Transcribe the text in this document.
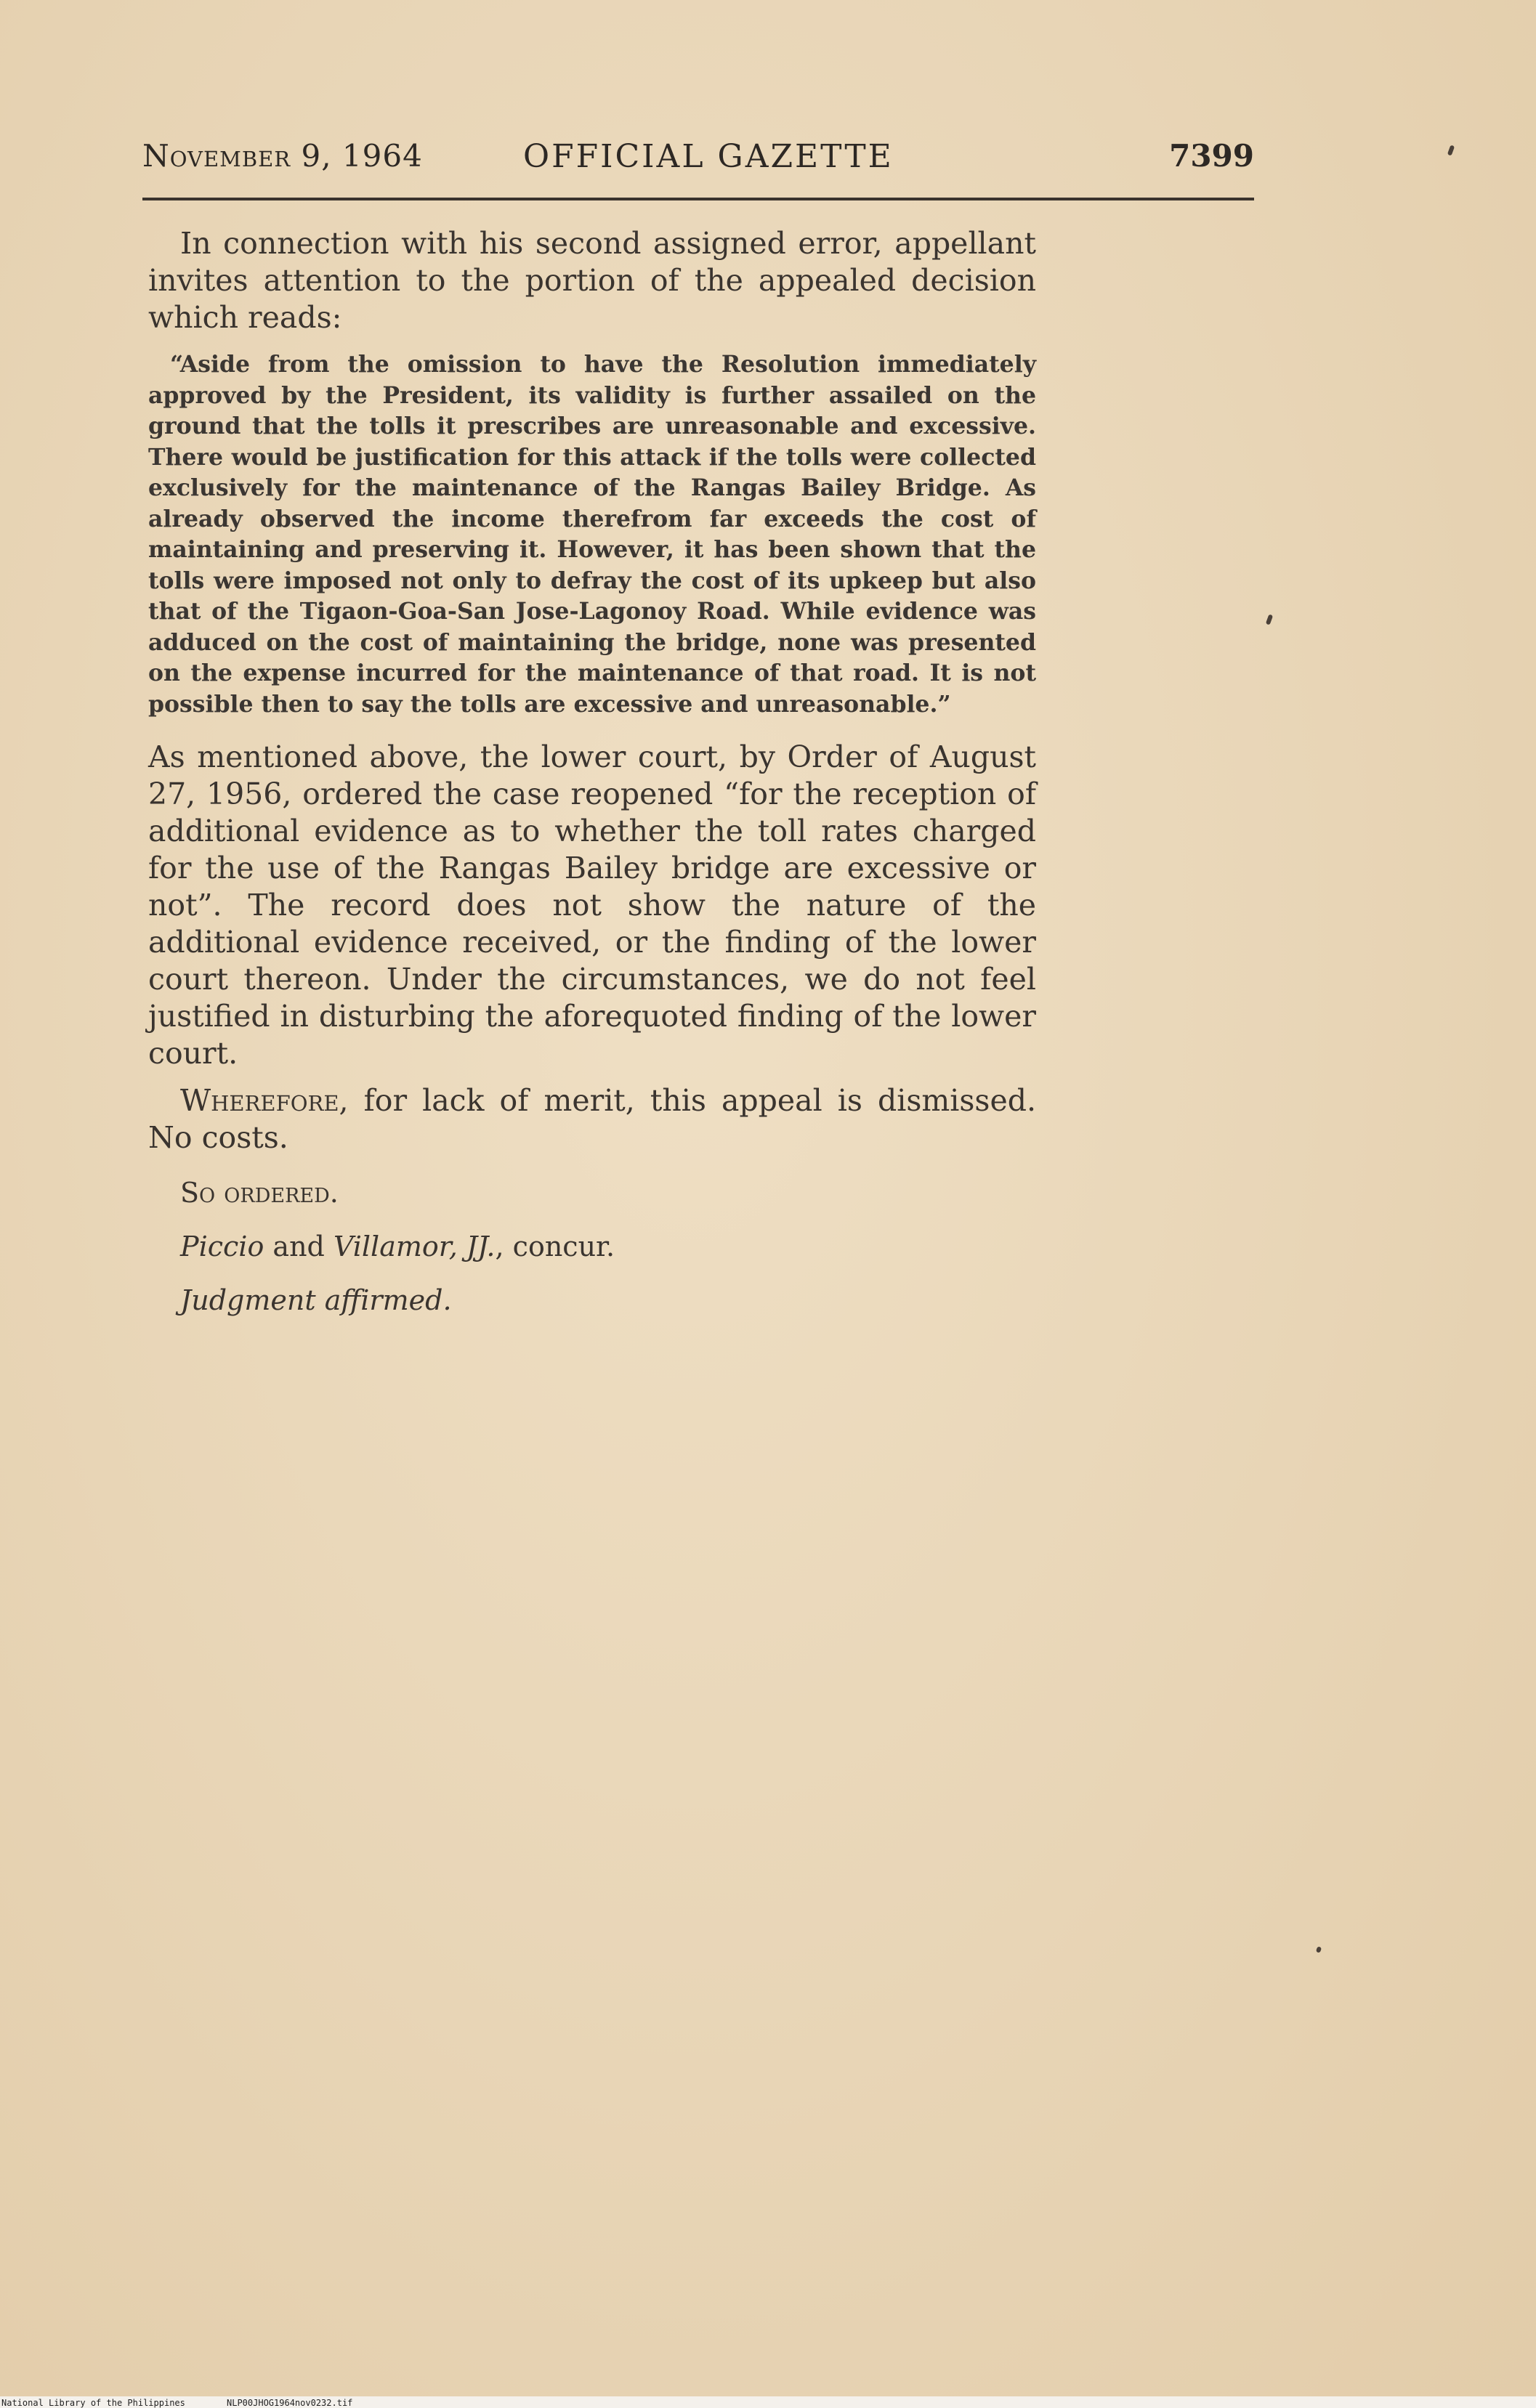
November 9, 1964	OFFICIAL GAZETTE	7399

In connection with his second assigned error, appellant invites attention to the portion of the appealed decision which reads:

“Aside from the omission to have the Resolution immediately approved by the President, its validity is further assailed on the ground that the tolls it prescribes are unreasonable and excessive. There would be justification for this attack if the tolls were collected exclusively for the maintenance of the Rangas Bailey Bridge. As already observed the income therefrom far exceeds the cost of maintaining and preserving it. However, it has been shown that the tolls were imposed not only to defray the cost of its upkeep but also that of the Tigaon-Goa-San Jose-Lagonoy Road. While evidence was adduced on the cost of maintaining the bridge, none was presented on the expense incurred for the maintenance of that road. It is not possible then to say the tolls are excessive and unreasonable.”

As mentioned above, the lower court, by Order of August 27, 1956, ordered the case reopened “for the reception of additional evidence as to whether the toll rates charged for the use of the Rangas Bailey bridge are excessive or not”. The record does not show the nature of the additional evidence received, or the finding of the lower court thereon. Under the circumstances, we do not feel justified in disturbing the aforequoted finding of the lower court.

Wherefore, for lack of merit, this appeal is dismissed. No costs.

So ordered.

Piccio and Villamor, JJ., concur.

Judgment affirmed.

National Library of the Philippines	NLP00JHOG1964nov0232.tif
